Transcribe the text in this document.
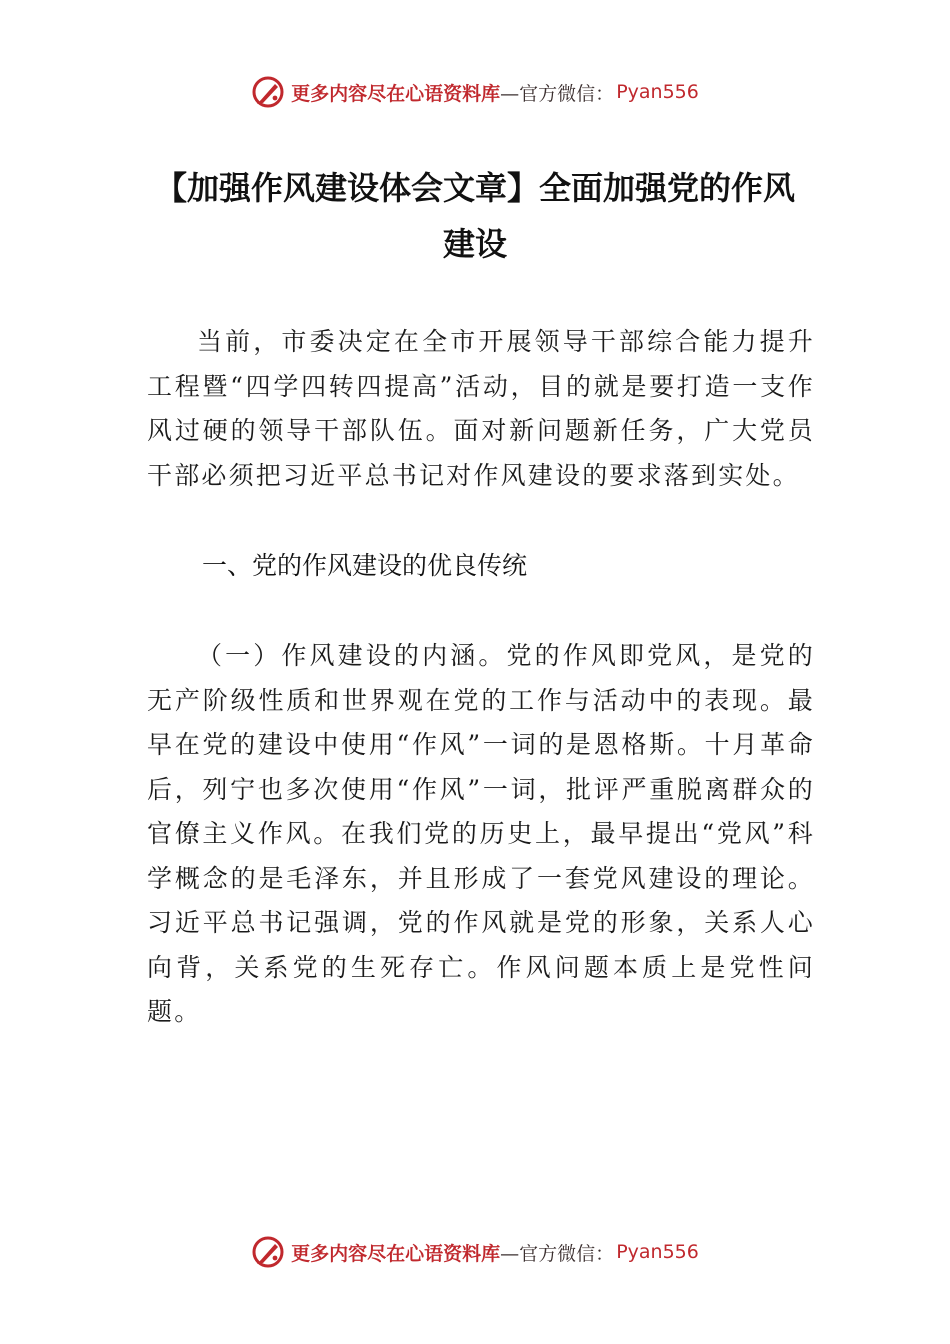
更多内容尽在心语资料库 —官方微信： Pyan556
【加强作风建设体会文章】全面加强党的作风建设

当前，市委决定在全市开展领导干部综合能力提升工程暨“四学四转四提高”活动，目的就是要打造一支作风过硬的领导干部队伍。面对新问题新任务，广大党员干部必须把习近平总书记对作风建设的要求落到实处。

一、党的作风建设的优良传统

（一）作风建设的内涵。党的作风即党风，是党的无产阶级性质和世界观在党的工作与活动中的表现。最早在党的建设中使用“作风”一词的是恩格斯。十月革命后，列宁也多次使用“作风”一词，批评严重脱离群众的官僚主义作风。在我们党的历史上，最早提出“党风”科学概念的是毛泽东，并且形成了一套党风建设的理论。习近平总书记强调，党的作风就是党的形象，关系人心向背，关系党的生死存亡。作风问题本质上是党性问题。

更多内容尽在心语资料库 —官方微信： Pyan556
